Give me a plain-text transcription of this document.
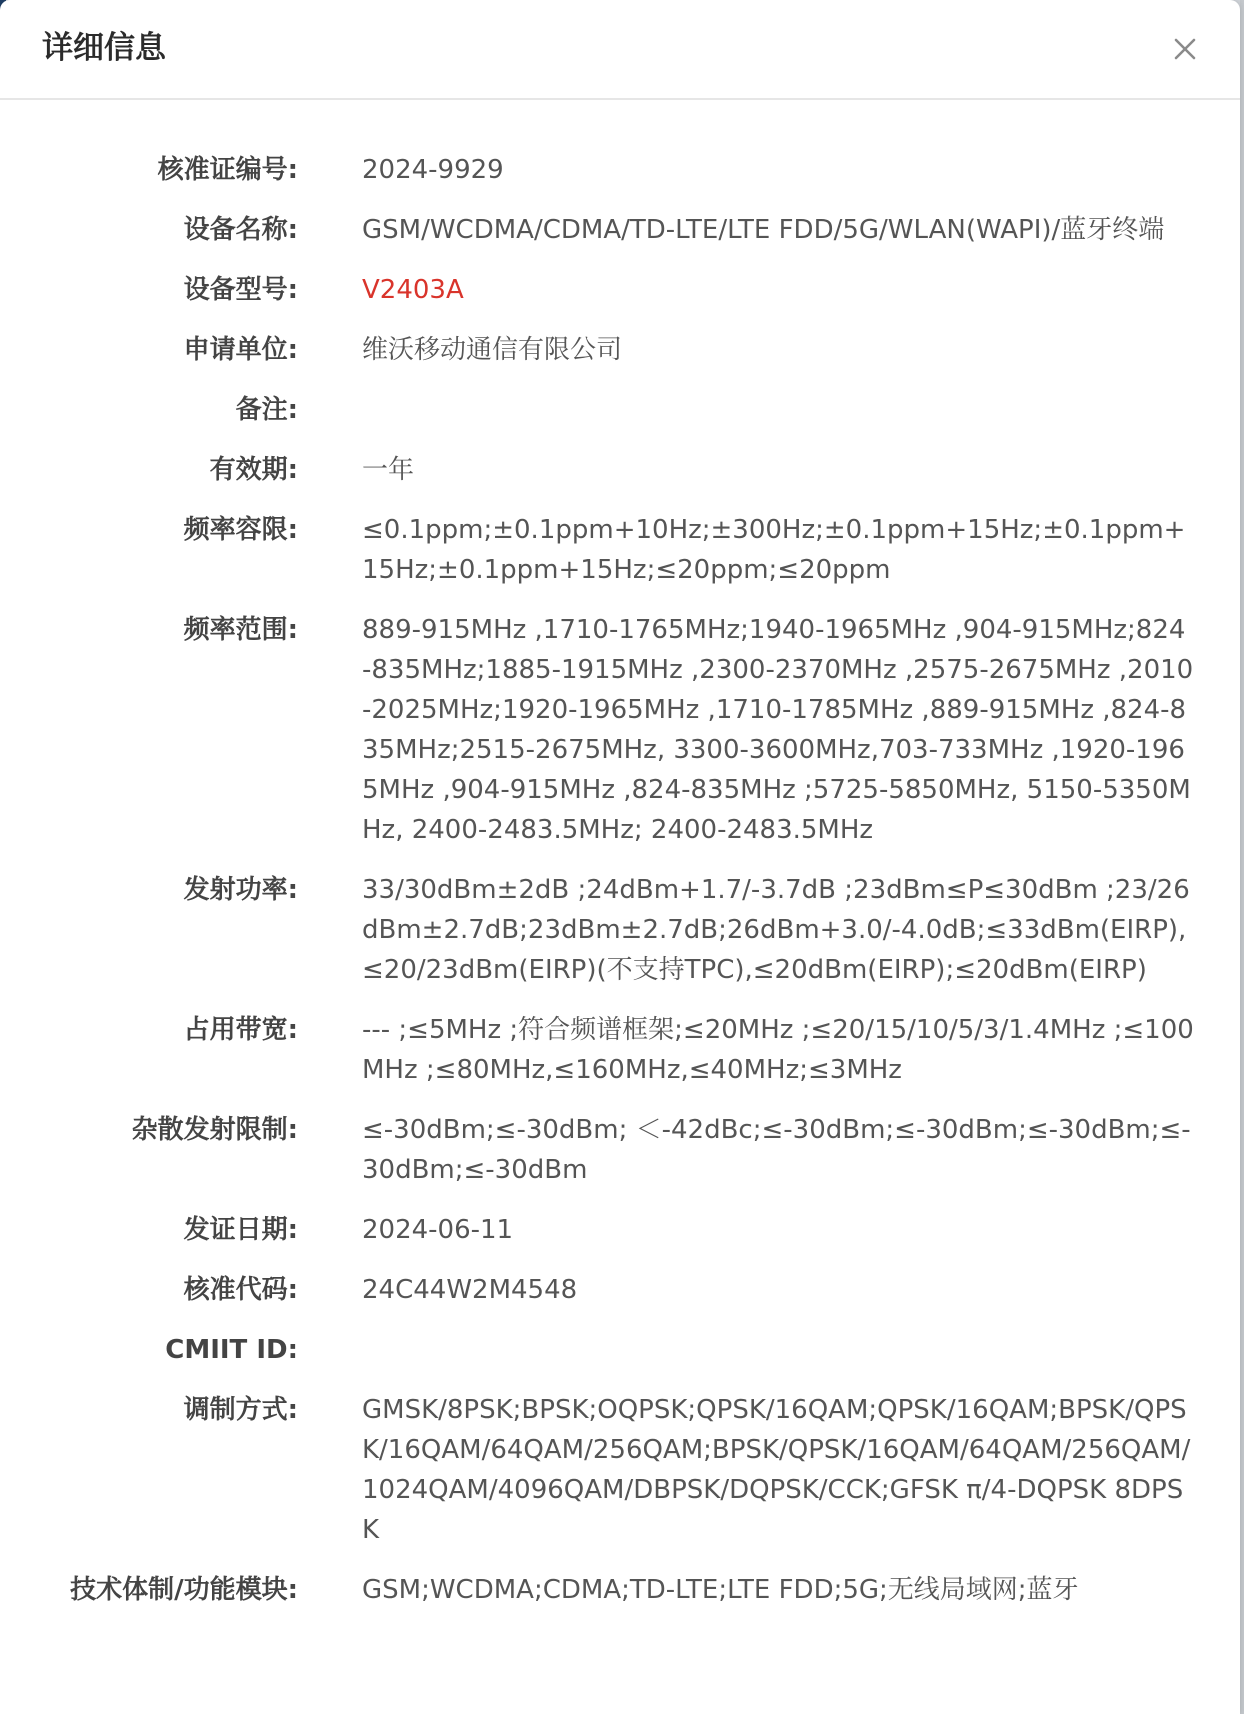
详细信息
核准证编号: 2024-9929
设备名称: GSM/WCDMA/CDMA/TD-LTE/LTE FDD/5G/WLAN(WAPI)/蓝牙终端
设备型号: V2403A
申请单位: 维沃移动通信有限公司
备注:
有效期: 一年
频率容限: ≤0.1ppm;±0.1ppm+10Hz;±300Hz;±0.1ppm+15Hz;±0.1ppm+15Hz;±0.1ppm+15Hz;≤20ppm;≤20ppm
频率范围: 889-915MHz ,1710-1765MHz;1940-1965MHz ,904-915MHz;824-835MHz;1885-1915MHz ,2300-2370MHz ,2575-2675MHz ,2010-2025MHz;1920-1965MHz ,1710-1785MHz ,889-915MHz ,824-835MHz;2515-2675MHz, 3300-3600MHz,703-733MHz ,1920-1965MHz ,904-915MHz ,824-835MHz ;5725-5850MHz, 5150-5350MHz, 2400-2483.5MHz; 2400-2483.5MHz
发射功率: 33/30dBm±2dB ;24dBm+1.7/-3.7dB ;23dBm≤P≤30dBm ;23/26dBm±2.7dB;23dBm±2.7dB;26dBm+3.0/-4.0dB;≤33dBm(EIRP),≤20/23dBm(EIRP)(不支持TPC),≤20dBm(EIRP);≤20dBm(EIRP)
占用带宽: --- ;≤5MHz ;符合频谱框架;≤20MHz ;≤20/15/10/5/3/1.4MHz ;≤100MHz ;≤80MHz,≤160MHz,≤40MHz;≤3MHz
杂散发射限制: ≤-30dBm;≤-30dBm; ＜-42dBc;≤-30dBm;≤-30dBm;≤-30dBm;≤-30dBm;≤-30dBm
发证日期: 2024-06-11
核准代码: 24C44W2M4548
CMIIT ID:
调制方式: GMSK/8PSK;BPSK;OQPSK;QPSK/16QAM;QPSK/16QAM;BPSK/QPSK/16QAM/64QAM/256QAM;BPSK/QPSK/16QAM/64QAM/256QAM/1024QAM/4096QAM/DBPSK/DQPSK/CCK;GFSK π/4-DQPSK 8DPSK
技术体制/功能模块: GSM;WCDMA;CDMA;TD-LTE;LTE FDD;5G;无线局域网;蓝牙
